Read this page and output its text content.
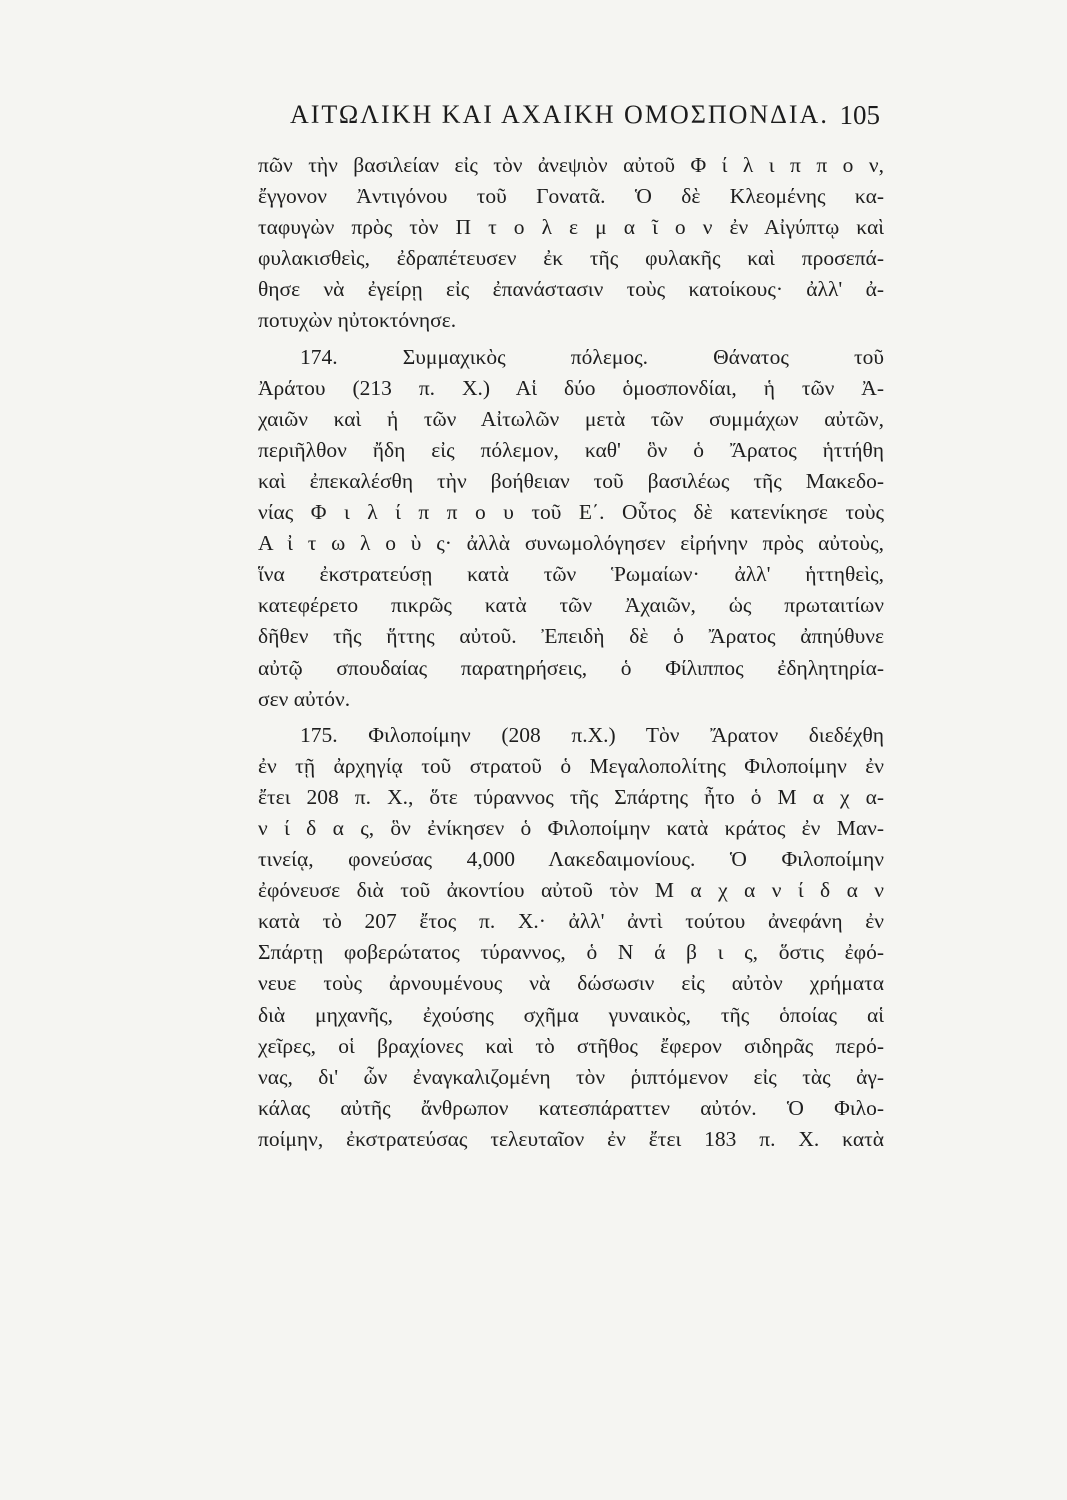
ΑΙΤΩΛΙΚΗ ΚΑΙ ΑΧΑΙΚΗ ΟΜΟΣΠΟΝΔΙΑ. 105
πῶν τὴν βασιλείαν εἰς τὸν ἀνεψιὸν αὐτοῦ Φ ί λ ι π π ο ν,
ἔγγονον Ἀντιγόνου τοῦ Γονατᾶ. Ὁ δὲ Κλεομένης κα-
ταφυγὼν πρὸς τὸν Π τ ο λ ε μ α ῖ ο ν ἐν Αἰγύπτῳ καὶ
φυλακισθεὶς, ἐδραπέτευσεν ἐκ τῆς φυλακῆς καὶ προσεπά-
θησε νὰ ἐγείρῃ εἰς ἐπανάστασιν τοὺς κατοίκους· ἀλλ' ἀ-
ποτυχὼν ηὐτοκτόνησε.
174. Συμμαχικὸς πόλεμος. Θάνατος τοῦ
Ἀράτου (213 π. Χ.) Αἱ δύο ὁμοσπονδίαι, ἡ τῶν Ἀ-
χαιῶν καὶ ἡ τῶν Αἰτωλῶν μετὰ τῶν συμμάχων αὐτῶν,
περιῆλθον ἤδη εἰς πόλεμον, καθ' ὃν ὁ Ἄρατος ἡττήθη
καὶ ἐπεκαλέσθη τὴν βοήθειαν τοῦ βασιλέως τῆς Μακεδο-
νίας Φ ι λ ί π π ο υ τοῦ Ε΄. Οὗτος δὲ κατενίκησε τοὺς
Α ἰ τ ω λ ο ὺ ς· ἀλλὰ συνωμολόγησεν εἰρήνην πρὸς αὐτοὺς,
ἵνα ἐκστρατεύσῃ κατὰ τῶν Ῥωμαίων· ἀλλ' ἡττηθεὶς,
κατεφέρετο πικρῶς κατὰ τῶν Ἀχαιῶν, ὡς πρωταιτίων
δῆθεν τῆς ἥττης αὐτοῦ. Ἐπειδὴ δὲ ὁ Ἄρατος ἀπηύθυνε
αὐτῷ σπουδαίας παρατηρήσεις, ὁ Φίλιππος ἐδηλητηρία-
σεν αὐτόν.
175. Φιλοποίμην (208 π.Χ.) Τὸν Ἄρατον διεδέχθη
ἐν τῇ ἀρχηγίᾳ τοῦ στρατοῦ ὁ Μεγαλοπολίτης Φιλοποίμην ἐν
ἔτει 208 π. Χ., ὅτε τύραννος τῆς Σπάρτης ἦτο ὁ Μ α χ α-
ν ί δ α ς, ὃν ἐνίκησεν ὁ Φιλοποίμην κατὰ κράτος ἐν Μαν-
τινείᾳ, φονεύσας 4,000 Λακεδαιμονίους. Ὁ Φιλοποίμην
ἐφόνευσε διὰ τοῦ ἀκοντίου αὐτοῦ τὸν Μ α χ α ν ί δ α ν
κατὰ τὸ 207 ἔτος π. Χ.· ἀλλ' ἀντὶ τούτου ἀνεφάνη ἐν
Σπάρτῃ φοβερώτατος τύραννος, ὁ Ν ά β ι ς, ὅστις ἐφό-
νευε τοὺς ἀρνουμένους νὰ δώσωσιν εἰς αὐτὸν χρήματα
διὰ μηχανῆς, ἐχούσης σχῆμα γυναικὸς, τῆς ὁποίας αἱ
χεῖρες, οἱ βραχίονες καὶ τὸ στῆθος ἔφερον σιδηρᾶς περό-
νας, δι' ὧν ἐναγκαλιζομένη τὸν ῥιπτόμενον εἰς τὰς ἀγ-
κάλας αὐτῆς ἄνθρωπον κατεσπάραττεν αὐτόν. Ὁ Φιλο-
ποίμην, ἐκστρατεύσας τελευταῖον ἐν ἔτει 183 π. Χ. κατὰ
